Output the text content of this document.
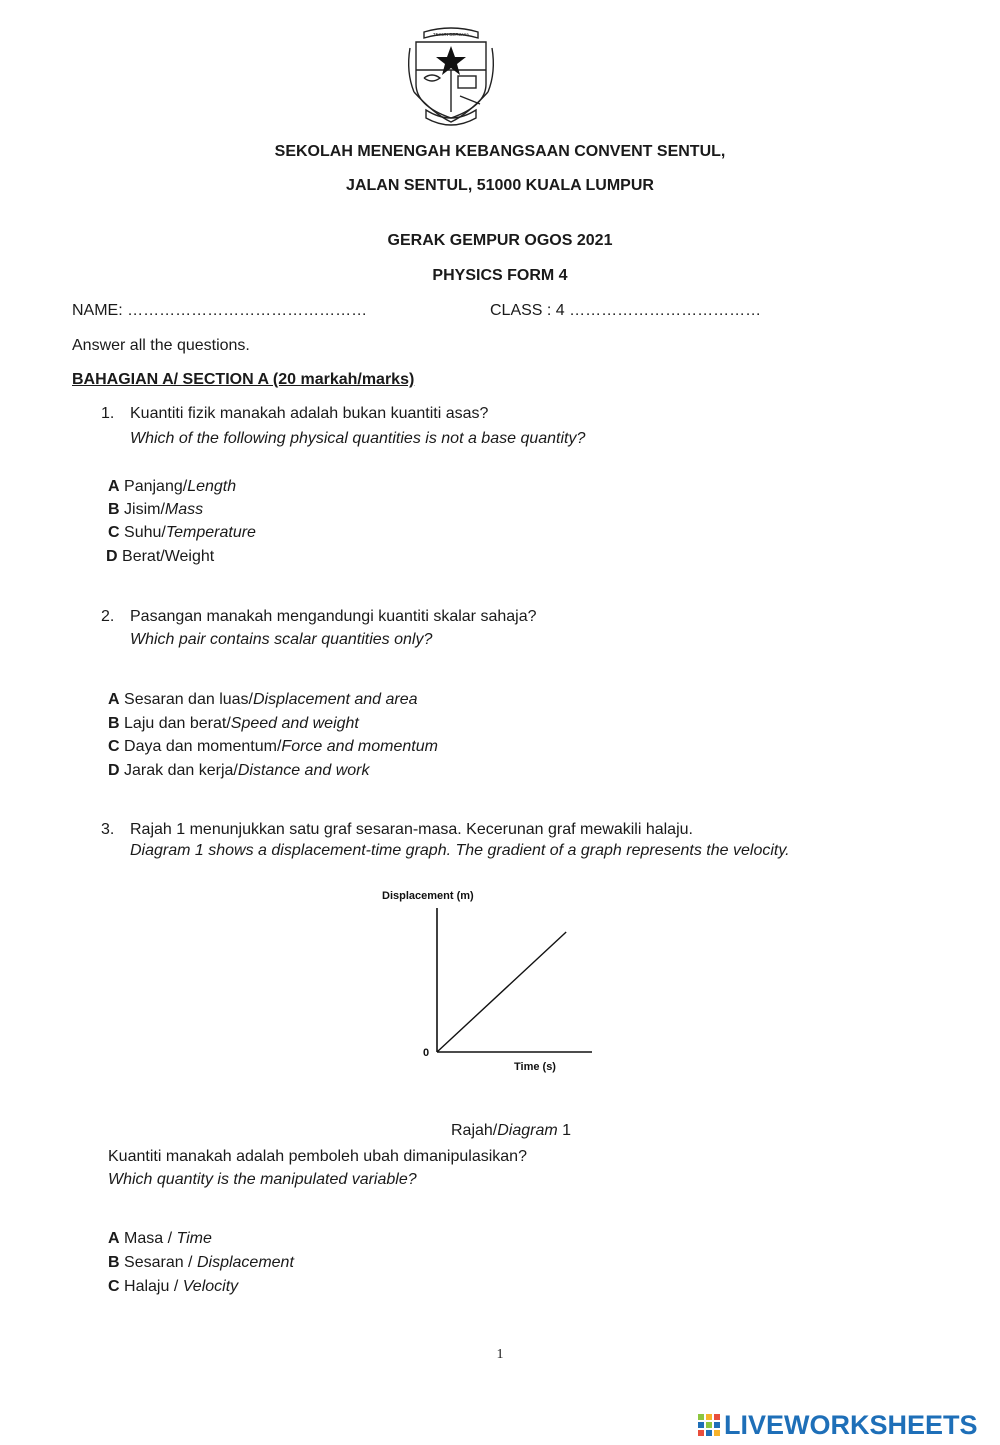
TEKUN BERJAYA
SEKOLAH MENENGAH KEBANGSAAN CONVENT SENTUL,
JALAN SENTUL, 51000 KUALA LUMPUR
GERAK GEMPUR OGOS 2021
PHYSICS FORM 4
NAME: ………………………………………	CLASS : 4 ………………………………
Answer all the questions.
BAHAGIAN A/ SECTION A (20 markah/marks)
1. Kuantiti fizik manakah adalah bukan kuantiti asas?
Which of the following physical quantities is not a base quantity?
A Panjang/Length
B Jisim/Mass
C Suhu/Temperature
D Berat/Weight
2. Pasangan manakah mengandungi kuantiti skalar sahaja?
Which pair contains scalar quantities only?
A Sesaran dan luas/Displacement and area
B Laju dan berat/Speed and weight
C Daya dan momentum/Force and momentum
D Jarak dan kerja/Distance and work
3. Rajah 1 menunjukkan satu graf sesaran-masa. Kecerunan graf mewakili halaju.
Diagram 1 shows a displacement-time graph. The gradient of a graph represents the velocity.
Displacement (m)
0
Time (s)
Rajah/Diagram 1
Kuantiti manakah adalah pemboleh ubah dimanipulasikan?
Which quantity is the manipulated variable?
A Masa / Time
B Sesaran / Displacement
C Halaju / Velocity
1
LIVEWORKSHEETS
